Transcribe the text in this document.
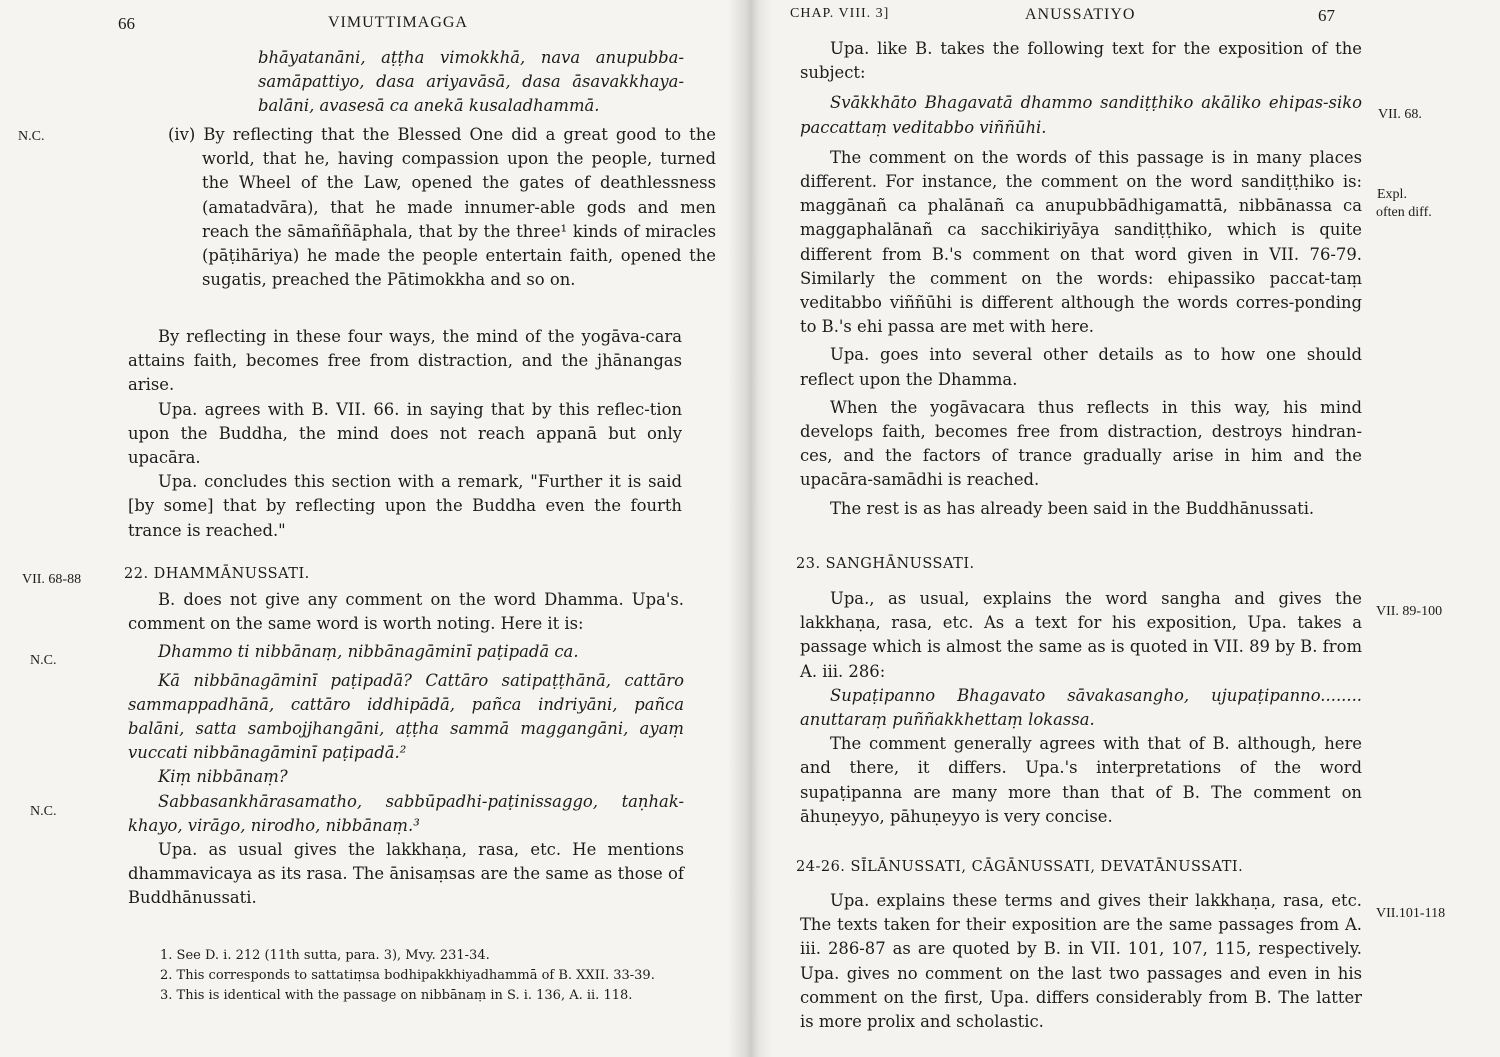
66	VIMUTTIMAGGA
N.C.
VII. 68-88
N.C.
N.C.
bhāyatanāni, aṭṭha vimokkhā, nava anupubba-samāpattiyo, dasa ariyavāsā, dasa āsavakkhaya-balāni, avasesā ca anekā kusaladhammā.
(iv) By reflecting that the Blessed One did a great good to the world, that he, having compassion upon the people, turned the Wheel of the Law, opened the gates of deathlessness (amatadvāra), that he made innumer-able gods and men reach the sāmaññāphala, that by the three¹ kinds of miracles (pāṭihāriya) he made the people entertain faith, opened the sugatis, preached the Pātimokkha and so on.

By reflecting in these four ways, the mind of the yogāva-cara attains faith, becomes free from distraction, and the jhānangas arise.

Upa. agrees with B. VII. 66. in saying that by this reflec-tion upon the Buddha, the mind does not reach appanā but only upacāra.

Upa. concludes this section with a remark, "Further it is said [by some] that by reflecting upon the Buddha even the fourth trance is reached."

22. DHAMMĀNUSSATI.

B. does not give any comment on the word Dhamma. Upa's. comment on the same word is worth noting. Here it is:

Dhammo ti nibbānaṃ, nibbānagāminī paṭipadā ca.

Kā nibbānagāminī paṭipadā? Cattāro satipaṭṭhānā, cattāro sammappadhānā, cattāro iddhipādā, pañca indriyāni, pañca balāni, satta sambojjhangāni, aṭṭha sammā maggangāni, ayaṃ vuccati nibbānagāminī paṭipadā.²

Kiṃ nibbānaṃ?

Sabbasankhārasamatho, sabbūpadhi-paṭinissaggo, taṇhak-khayo, virāgo, nirodho, nibbānaṃ.³

Upa. as usual gives the lakkhaṇa, rasa, etc. He mentions dhammavicaya as its rasa. The ānisaṃsas are the same as those of Buddhānussati.

1. See D. i. 212 (11th sutta, para. 3), Mvy. 231-34.

2. This corresponds to sattatiṃsa bodhipakkhiyadhammā of B. XXII. 33-39.

3. This is identical with the passage on nibbānaṃ in S. i. 136, A. ii. 118.

CHAP. VIII. 3]	ANUSSATIYO	67
VII. 68.
Expl.
often diff.
VII. 89-100
VII.101-118

Upa. like B. takes the following text for the exposition of the subject:

Svākkhāto Bhagavatā dhammo sandiṭṭhiko akāliko ehipas-siko paccattaṃ veditabbo viññūhi.

The comment on the words of this passage is in many places different. For instance, the comment on the word sandiṭṭhiko is: maggānañ ca phalānañ ca anupubbādhigamattā, nibbānassa ca maggaphalānañ ca sacchikiriyāya sandiṭṭhiko, which is quite different from B.'s comment on that word given in VII. 76-79. Similarly the comment on the words: ehipassiko paccat-taṃ veditabbo viññūhi is different although the words corres-ponding to B.'s ehi passa are met with here.

Upa. goes into several other details as to how one should reflect upon the Dhamma.

When the yogāvacara thus reflects in this way, his mind develops faith, becomes free from distraction, destroys hindran-ces, and the factors of trance gradually arise in him and the upacāra-samādhi is reached.

The rest is as has already been said in the Buddhānussati.

23. SANGHĀNUSSATI.

Upa., as usual, explains the word sangha and gives the lakkhaṇa, rasa, etc. As a text for his exposition, Upa. takes a passage which is almost the same as is quoted in VII. 89 by B. from A. iii. 286:

Supaṭipanno Bhagavato sāvakasangho, ujupaṭipanno........ anuttaraṃ puññakkhettaṃ lokassa.

The comment generally agrees with that of B. although, here and there, it differs. Upa.'s interpretations of the word supaṭipanna are many more than that of B. The comment on āhuṇeyyo, pāhuṇeyyo is very concise.

24-26. SĪLĀNUSSATI, CĀGĀNUSSATI, DEVATĀNUSSATI.

Upa. explains these terms and gives their lakkhaṇa, rasa, etc. The texts taken for their exposition are the same passages from A. iii. 286-87 as are quoted by B. in VII. 101, 107, 115, respectively. Upa. gives no comment on the last two passages and even in his comment on the first, Upa. differs considerably from B. The latter is more prolix and scholastic.
